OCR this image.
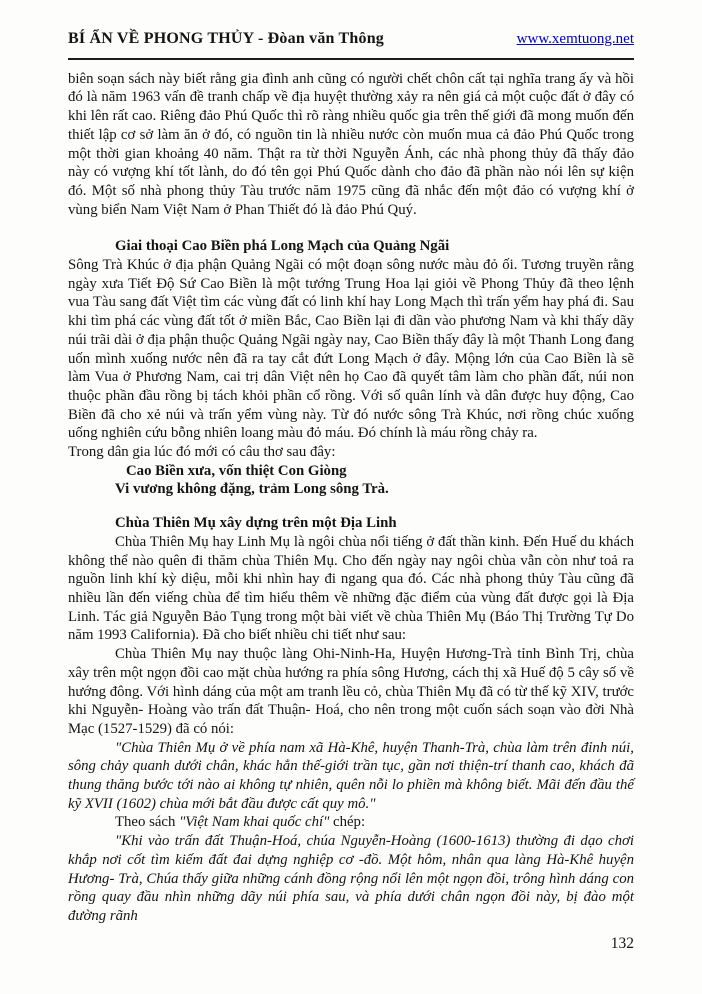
BÍ ẨN VỀ PHONG THỦY - Đòan văn Thông	www.xemtuong.net

biên soạn sách này biết rằng gia đình anh cũng có người chết chôn cất tại nghĩa trang ấy và hồi đó là năm 1963 vấn đề tranh chấp về địa huyệt thường xảy ra nên giá cả một cuộc đất ở đây có khi lên rất cao. Riêng đảo Phú Quốc thì rõ ràng nhiều quốc gia trên thế giới đã mong muốn đến thiết lập cơ sở làm ăn ở đó, có nguồn tin là nhiều nước còn muốn mua cả đảo Phú Quốc trong một thời gian khoảng 40 năm. Thật ra từ thời Nguyễn Ánh, các nhà phong thủy đã thấy đảo này có vượng khí tốt lành, do đó tên gọi Phú Quốc dành cho đảo đã phần nào nói lên sự kiện đó. Một số nhà phong thủy Tàu trước năm 1975 cũng đã nhắc đến một đảo có vượng khí ở vùng biển Nam Việt Nam ở Phan Thiết đó là đảo Phú Quý.

Giai thoại Cao Biền phá Long Mạch của Quảng Ngãi

Sông Trà Khúc ở địa phận Quảng Ngãi có một đoạn sông nước màu đỏ ối. Tương truyền rằng ngày xưa Tiết Độ Sứ Cao Biền là một tướng Trung Hoa lại giỏi về Phong Thủy đã theo lệnh vua Tàu sang đất Việt tìm các vùng đất có linh khí hay Long Mạch thì trấn yểm hay phá đi. Sau khi tìm phá các vùng đất tốt ở miền Bắc, Cao Biền lại đi dần vào phương Nam và khi thấy dãy núi trãi dài ở địa phận thuộc Quảng Ngãi ngày nay, Cao Biền thấy đây là một Thanh Long đang uốn mình xuống nước nên đã ra tay cắt đứt Long Mạch ở đây. Mộng lớn của Cao Biền là sẽ làm Vua ở Phương Nam, cai trị dân Việt nên họ Cao đã quyết tâm làm cho phần đất, núi non thuộc phần đầu rồng bị tách khỏi phần cổ rồng. Với số quân lính và dân được huy động, Cao Biền đã cho xẻ núi và trấn yểm vùng này. Từ đó nước sông Trà Khúc, nơi rồng chúc xuống uống nghiên cứu bỗng nhiên loang màu đỏ máu. Đó chính là máu rồng chảy ra.

Trong dân gia lúc đó mới có câu thơ sau đây:

Cao Biền xưa, vốn thiệt Con Giòng

Vi vương không đặng, trảm Long sông Trà.

Chùa Thiên Mụ xây dựng trên một Địa Linh

Chùa Thiên Mụ hay Linh Mụ là ngôi chùa nổi tiếng ở đất thần kinh. Đến Huế du khách không thể nào quên đi thăm chùa Thiên Mụ. Cho đến ngày nay ngôi chùa vẫn còn như toả ra nguồn linh khí kỳ diệu, mỗi khi nhìn hay đi ngang qua đó. Các nhà phong thủy Tàu cũng đã nhiều lần đến viếng chùa để tìm hiểu thêm về những đặc điểm của vùng đất được gọi là Địa Linh. Tác giả Nguyễn Bảo Tụng trong một bài viết về chùa Thiên Mụ (Báo Thị Trường Tự Do năm 1993 California). Đã cho biết nhiều chi tiết như sau:

Chùa Thiên Mụ nay thuộc làng Ohi-Ninh-Ha, Huyện Hương-Trà tỉnh Bình Trị, chùa xây trên một ngọn đồi cao mặt chùa hướng ra phía sông Hương, cách thị xã Huế độ 5 cây số về hướng đông. Với hình dáng của một am tranh lều cỏ, chùa Thiên Mụ đã có từ thế kỹ XIV, trước khi Nguyễn- Hoàng vào trấn đất Thuận- Hoá, cho nên trong một cuốn sách soạn vào đời Nhà Mạc (1527-1529) đã có nói:

"Chùa Thiên Mụ ở về phía nam xã Hà-Khê, huyện Thanh-Trà, chùa làm trên đỉnh núi, sông chảy quanh dưới chân, khác hẳn thế-giới trần tục, gần nơi thiện-trí thanh cao, khách đã thung thăng bước tới nào ai không tự nhiên, quên nỗi lo phiền mà không biết. Mãi đến đầu thế kỹ XVII (1602) chùa mới bắt đầu được cất quy mô."

Theo sách "Việt Nam khai quốc chí" chép:

"Khi vào trấn đất Thuận-Hoá, chúa Nguyễn-Hoàng (1600-1613) thường đi dạo chơi khắp nơi cốt tìm kiếm đất đai dựng nghiệp cơ -đồ. Một hôm, nhân qua làng Hà-Khê huyện Hương- Trà, Chúa thấy giữa những cánh đồng rộng nổi lên một ngọn đồi, trông hình dáng con rồng quay đầu nhìn những dãy núi phía sau, và phía dưới chân ngọn đồi này, bị đào một đường rãnh

132
